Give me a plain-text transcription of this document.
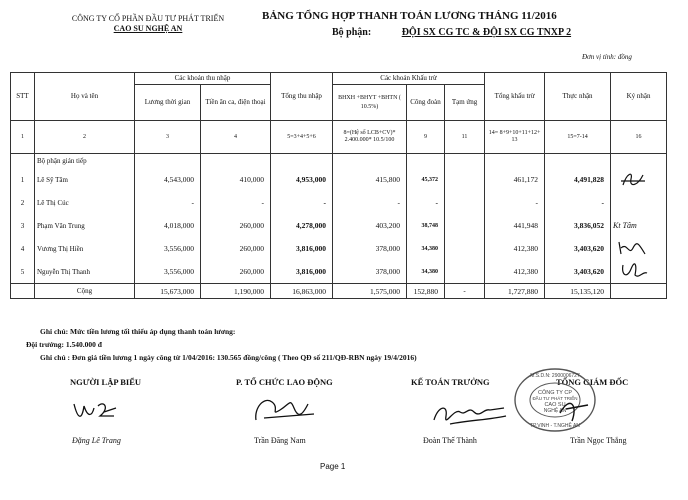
CÔNG TY CỔ PHẦN ĐẦU TƯ PHÁT TRIỂN
CAO SU NGHỆ AN
BẢNG TỔNG HỢP THANH TOÁN LƯƠNG THÁNG 11/2016
Bộ phận:	ĐỘI SX CG TC & ĐỘI SX CG TNXP 2
Đơn vị tính: đồng
STT	Họ và tên	Các khoản thu nhập		Tổng thu nhập	Các khoản Khấu trừ			Tổng khấu trừ	Thực nhận	Ký nhận
		Lương thời gian	Tiền ăn ca, điện thoại		BHXH +BHYT +BHTN ( 10.5%)	Công đoàn	Tạm ứng			
1	2	3	4	5=3+4+5+6	8=(Hệ số LCB+CV)* 2.400.000* 10.5/100	9	11	14= 8+9+10+11+12+ 13	15=7-14	16
	Bộ phận gián tiếp									
1	Lê Sỹ Tâm	4,543,000	410,000	4,953,000	415,800	45,372		461,172	4,491,828	
2	Lê Thị Cúc	-	-	-	-	-		-	-	
3	Phạm Văn Trung	4,018,000	260,000	4,278,000	403,200	38,748		441,948	3,836,052	Kt Tâm
4	Vương Thị Hiền	3,556,000	260,000	3,816,000	378,000	34,380		412,380	3,403,620	
5	Nguyễn Thị Thanh	3,556,000	260,000	3,816,000	378,000	34,380		412,380	3,403,620	
	Cộng	15,673,000	1,190,000	16,863,000	1,575,000	152,880	-	1,727,880	15,135,120	
Ghi chú: Mức tiền lương tối thiểu áp dụng thanh toán lương:
Đội trưởng: 1.540.000 đ
Ghi chú : Đơn giá tiền lương 1 ngày công từ 1/04/2016: 130.565 đồng/công ( Theo QĐ số 211/QĐ-RBN ngày 19/4/2016)
NGƯỜI LẬP BIỂU	P. TỔ CHỨC LAO ĐỘNG	KẾ TOÁN TRƯỞNG	TỔNG GIÁM ĐỐC
CÔNG TY CP
ĐẦU TƯ PHÁT TRIỂN
CAO SU
NGHỆ AN
M.S.D.N: 2900006727
TP.VINH - T.NGHỆ AN
Đặng Lê Trang	Trần Đăng Nam	Đoàn Thế Thành	Trần Ngọc Thắng
Page 1
